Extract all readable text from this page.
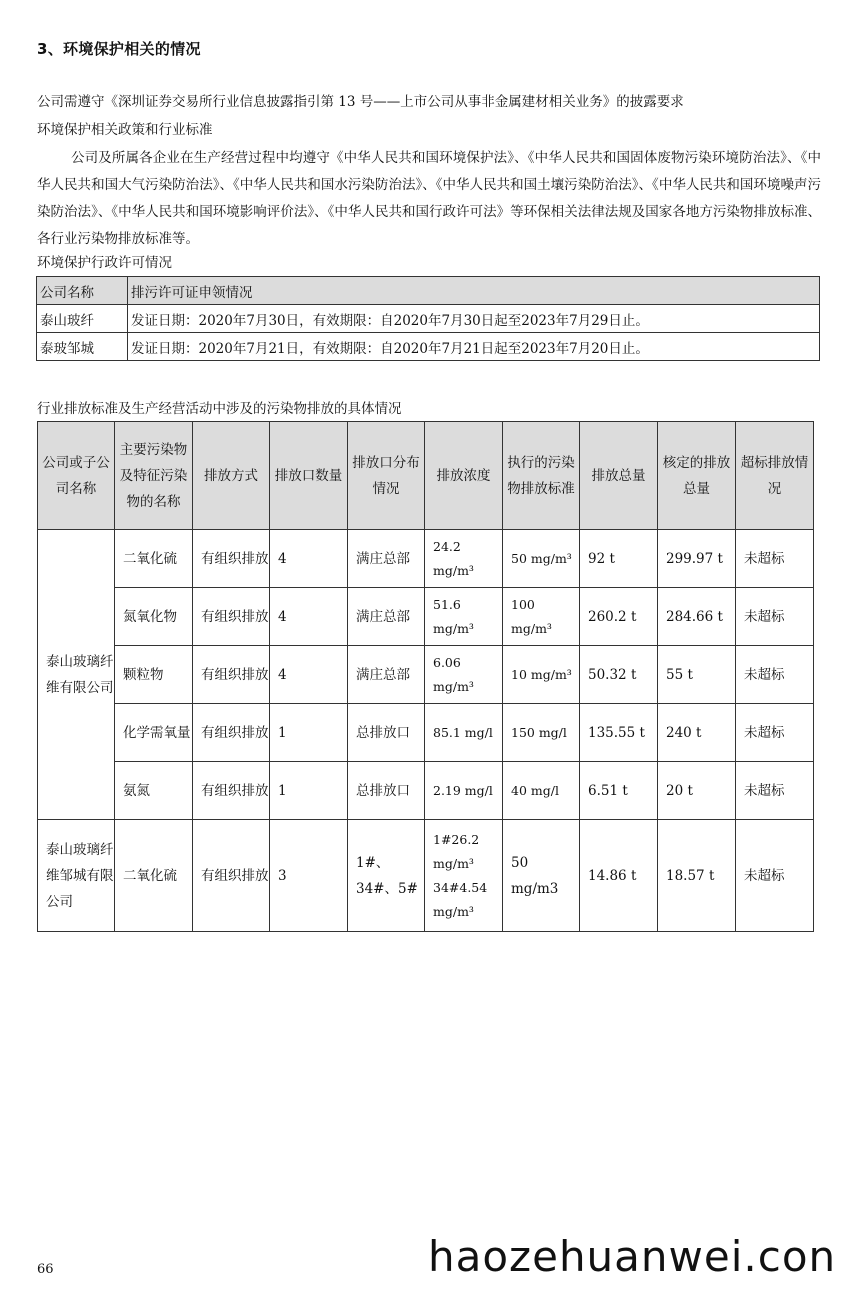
3、环境保护相关的情况
公司需遵守《深圳证券交易所行业信息披露指引第 13 号——上市公司从事非金属建材相关业务》的披露要求
环境保护相关政策和行业标准
公司及所属各企业在生产经营过程中均遵守《中华人民共和国环境保护法》、《中华人民共和国固体废物污染环境防治法》、《中华人民共和国大气污染防治法》、《中华人民共和国水污染防治法》、《中华人民共和国土壤污染防治法》、《中华人民共和国环境噪声污染防治法》、《中华人民共和国环境影响评价法》、《中华人民共和国行政许可法》等环保相关法律法规及国家各地方污染物排放标准、各行业污染物排放标准等。
环境保护行政许可情况
公司名称	排污许可证申领情况
泰山玻纤	发证日期：2020年7月30日，有效期限：自2020年7月30日起至2023年7月29日止。
泰玻邹城	发证日期：2020年7月21日，有效期限：自2020年7月21日起至2023年7月20日止。
行业排放标准及生产经营活动中涉及的污染物排放的具体情况
公司或子公司名称	主要污染物及特征污染物的名称	排放方式	排放口数量	排放口分布情况	排放浓度	执行的污染物排放标准	排放总量	核定的排放总量	超标排放情况
泰山玻璃纤维有限公司	二氧化硫	有组织排放	4	满庄总部	24.2 mg/m³	50 mg/m³	92 t	299.97 t	未超标
	氮氧化物	有组织排放	4	满庄总部	51.6 mg/m³	100 mg/m³	260.2 t	284.66 t	未超标
	颗粒物	有组织排放	4	满庄总部	6.06 mg/m³	10 mg/m³	50.32 t	55 t	未超标
	化学需氧量	有组织排放	1	总排放口	85.1 mg/l	150 mg/l	135.55 t	240 t	未超标
	氨氮	有组织排放	1	总排放口	2.19 mg/l	40 mg/l	6.51 t	20 t	未超标
泰山玻璃纤维邹城有限公司	二氧化硫	有组织排放	3	1#、34#、5#	1#26.2 mg/m³ 34#4.54 mg/m³	50 mg/m3	14.86 t	18.57 t	未超标
66	haozehuanwei.con
